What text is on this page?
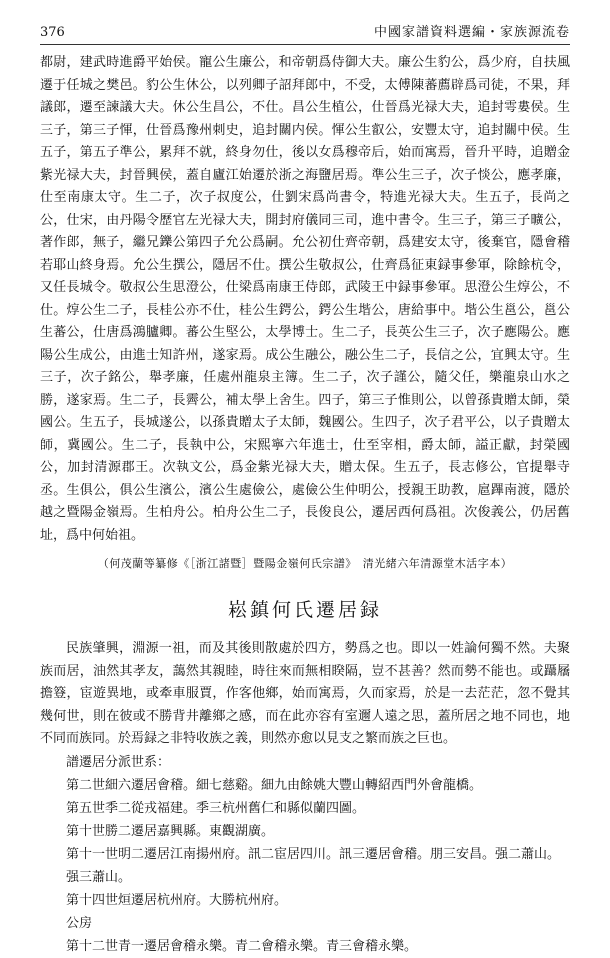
376	中國家譜資料選編・家族源流卷

都尉，建武時進爵平始侯。寵公生廉公，和帝朝爲侍御大夫。廉公生豹公，爲少府，自扶風遷于任城之樊邑。豹公生休公，以列卿子詔拜郎中，不受，太傅陳蕃薦辟爲司徒，不果，拜議郎，遷至諫議大夫。休公生昌公，不仕。昌公生植公，仕晉爲光禄大夫，追封雩婁侯。生三子，第三子惲，仕晉爲豫州刺史，追封關内侯。惲公生叡公，安豐太守，追封關中侯。生五子，第五子準公，累拜不就，終身勿仕，後以女爲穆帝后，始而寓焉，晉升平時，追贈金紫光禄大夫，封晉興侯，蓋自廬江始遷於浙之海鹽居焉。準公生三子，次子惔公，應孝廉，仕至南康太守。生二子，次子叔度公，仕劉宋爲尚書令，特進光禄大夫。生五子，長尚之公，仕宋，由丹陽令歷官左光禄大夫，開封府儀同三司，進中書令。生三子，第三子曠公，著作郎，無子，繼兄鑠公第四子允公爲嗣。允公初仕齊帝朝，爲建安太守，後棄官，隱會稽若耶山終身焉。允公生撰公，隱居不仕。撰公生敬叔公，仕齊爲征東録事參軍，除餘杭令，又任長城令。敬叔公生思澄公，仕梁爲南康王侍郎，武陵王中録事參軍。思澄公生焞公，不仕。焞公生二子，長桂公亦不仕，桂公生鍔公，鍔公生堦公，唐給事中。堦公生邕公，邕公生蕃公，仕唐爲鴻臚卿。蕃公生堅公，太學博士。生二子，長英公生三子，次子應陽公。應陽公生成公，由進士知許州，遂家焉。成公生融公，融公生二子，長信之公，宜興太守。生三子，次子銘公，舉孝廉，任處州龍泉主簿。生二子，次子謹公，隨父任，樂龍泉山水之勝，遂家焉。生二子，長霽公，補太學上舍生。四子，第三子惟則公，以曾孫貴贈太師，榮國公。生五子，長城遂公，以孫貴贈太子太師，魏國公。生四子，次子君平公，以子貴贈太師，冀國公。生二子，長執中公，宋熙寧六年進士，仕至宰相，爵太師，謚正獻，封榮國公，加封清源郡王。次執文公，爲金紫光禄大夫，贈太保。生五子，長志修公，官提舉寺丞。生俱公，俱公生濱公，濱公生處儉公，處儉公生仲明公，授親王助教，扈蹕南渡，隱於越之暨陽金嶺焉。生柏舟公。柏舟公生二子，長俊良公，遷居西何爲祖。次俊義公，仍居舊址，爲中何始祖。

（何茂蘭等纂修《［浙江諸暨］暨陽金嶺何氏宗譜》　清光緒六年清源堂木活字本）
崧鎮何氏遷居録

民族肇興，淵源一祖，而及其後則散處於四方，勢爲之也。即以一姓論何獨不然。夫聚族而居，油然其孝友，藹然其親睦，時往來而無相睽隔，豈不甚善？然而勢不能也。或躡屩擔簦，宦遊異地，或牽車服賈，作客他鄉，始而寓焉，久而家焉，於是一去茫茫，忽不覺其幾何世，則在彼或不勝背井離鄉之感，而在此亦容有室邇人遠之思，蓋所居之地不同也，地不同而族同。於焉録之非特收族之義，則然亦愈以見支之繁而族之巨也。

譜遷居分派世系：

第二世細六遷居會稽。細七慈谿。細九由餘姚大豐山轉紹西門外會龍橋。

第五世季二從戎福建。季三杭州舊仁和縣似蘭四圖。

第十世勝二遷居嘉興縣。東觀湖廣。

第十一世明二遷居江南揚州府。訊二宦居四川。訊三遷居會稽。朋三安昌。强二蕭山。强三蕭山。

第十四世烜遷居杭州府。大勝杭州府。

公房

第十二世青一遷居會稽永樂。青二會稽永樂。青三會稽永樂。
